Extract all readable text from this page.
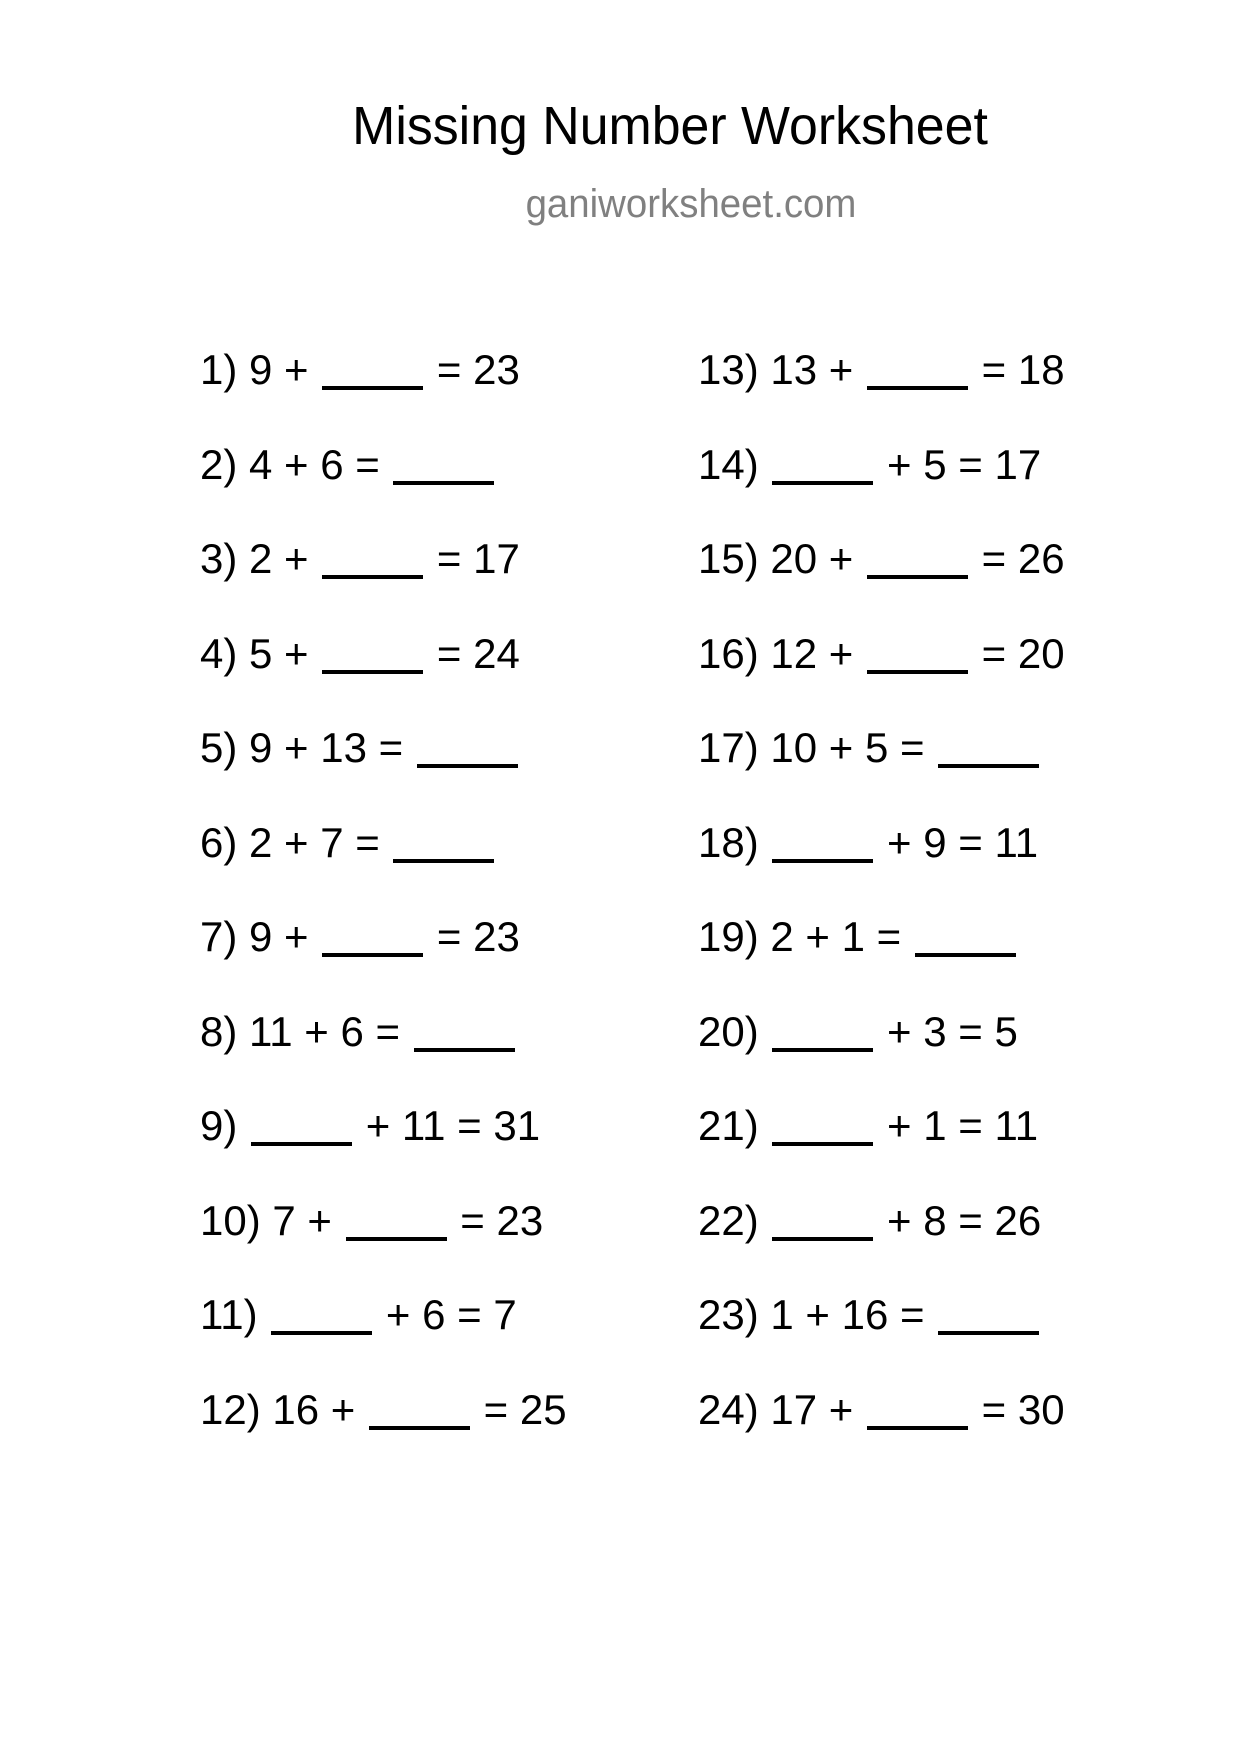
Missing Number Worksheet
ganiworksheet.com
1) 9 +	= 23
2) 4 + 6 =
3) 2 +	= 17
4) 5 +	= 24
5) 9 + 13 =
6) 2 + 7 =
7) 9 +	= 23
8) 11 + 6 =
9)	+ 11 = 31
10) 7 +	= 23
11)	+ 6 = 7
12) 16 +	= 25
13) 13 +	= 18
14)	+ 5 = 17
15) 20 +	= 26
16) 12 +	= 20
17) 10 + 5 =
18)	+ 9 = 11
19) 2 + 1 =
20)	+ 3 = 5
21)	+ 1 = 11
22)	+ 8 = 26
23) 1 + 16 =
24) 17 +	= 30
